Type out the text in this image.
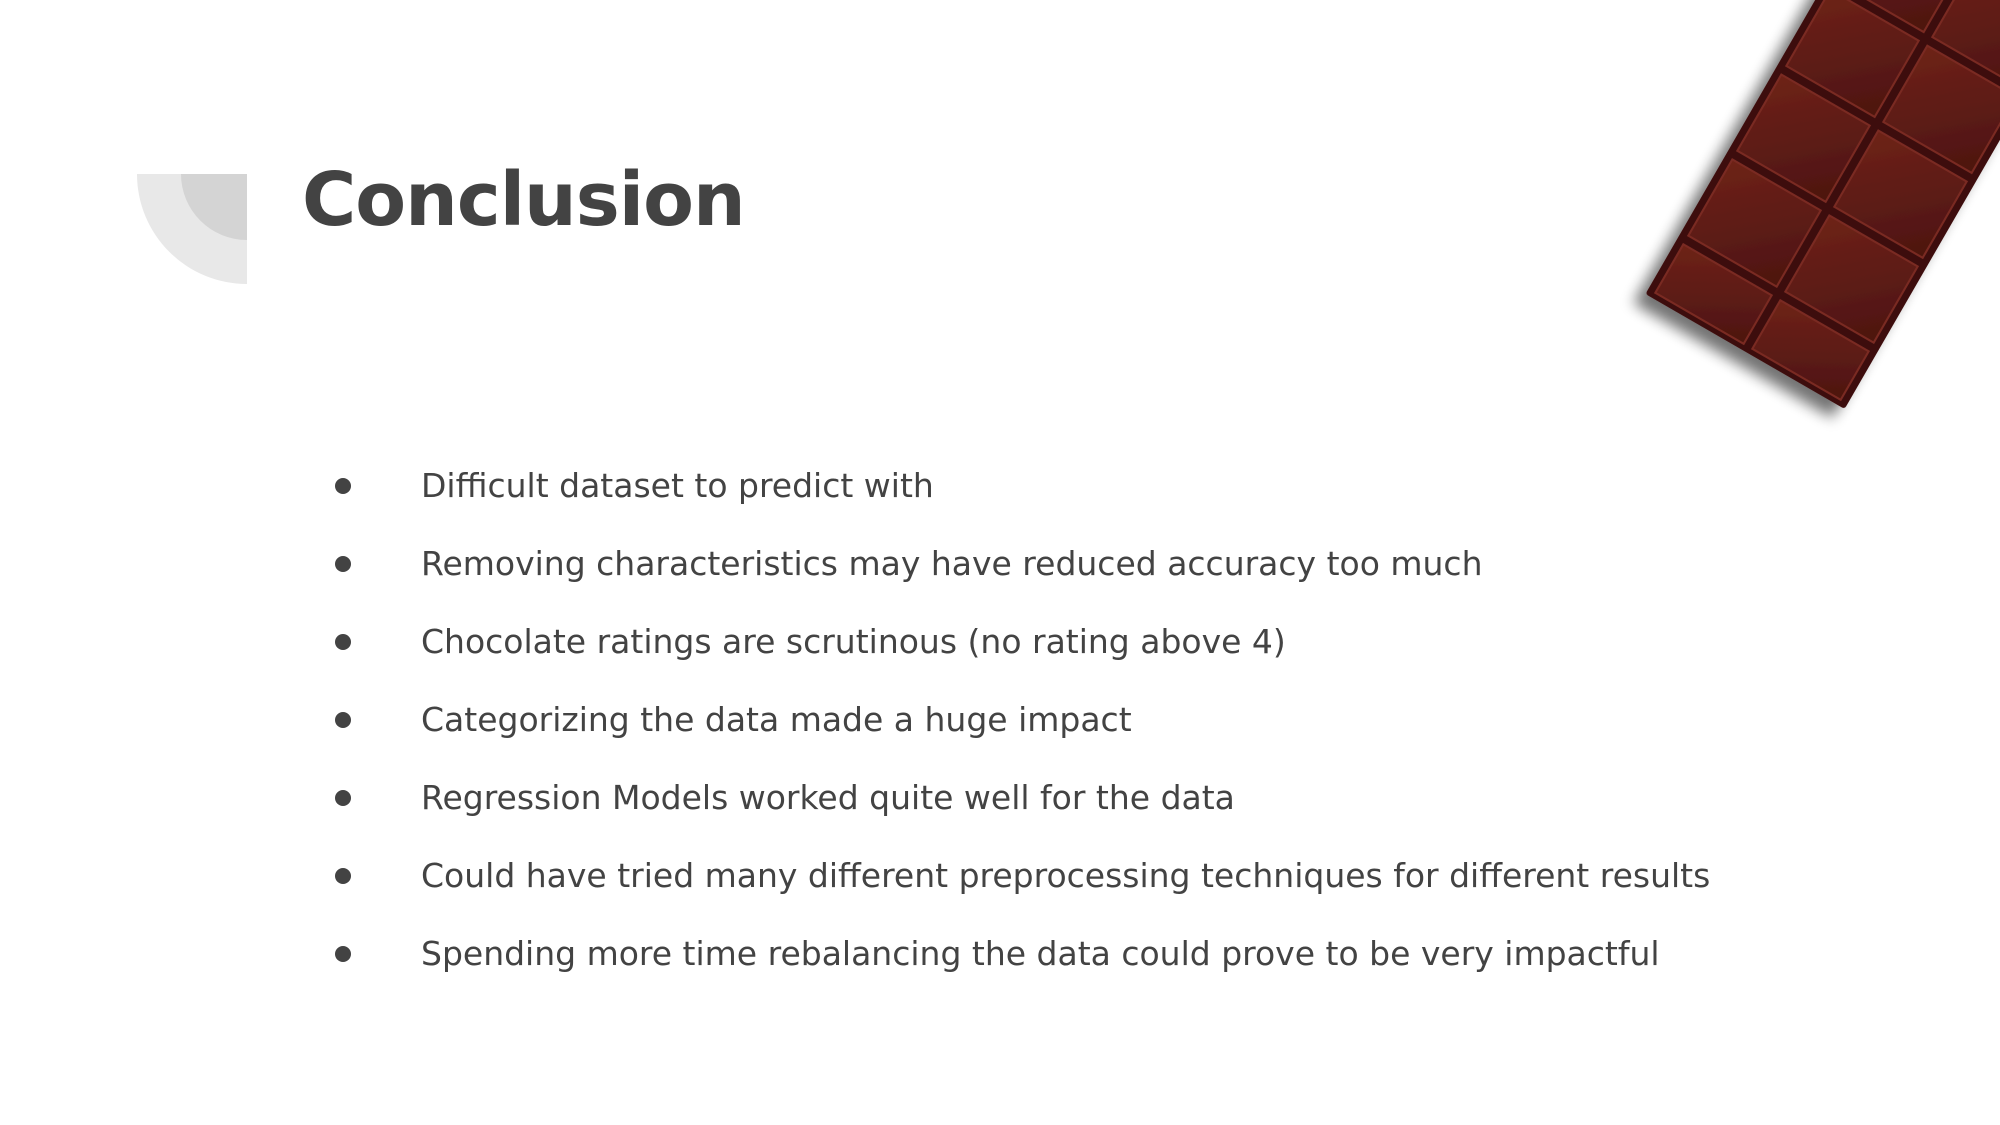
Conclusion
Difficult dataset to predict with
Removing characteristics may have reduced accuracy too much
Chocolate ratings are scrutinous (no rating above 4)
Categorizing the data made a huge impact
Regression Models worked quite well for the data
Could have tried many different preprocessing techniques for different results
Spending more time rebalancing the data could prove to be very impactful
